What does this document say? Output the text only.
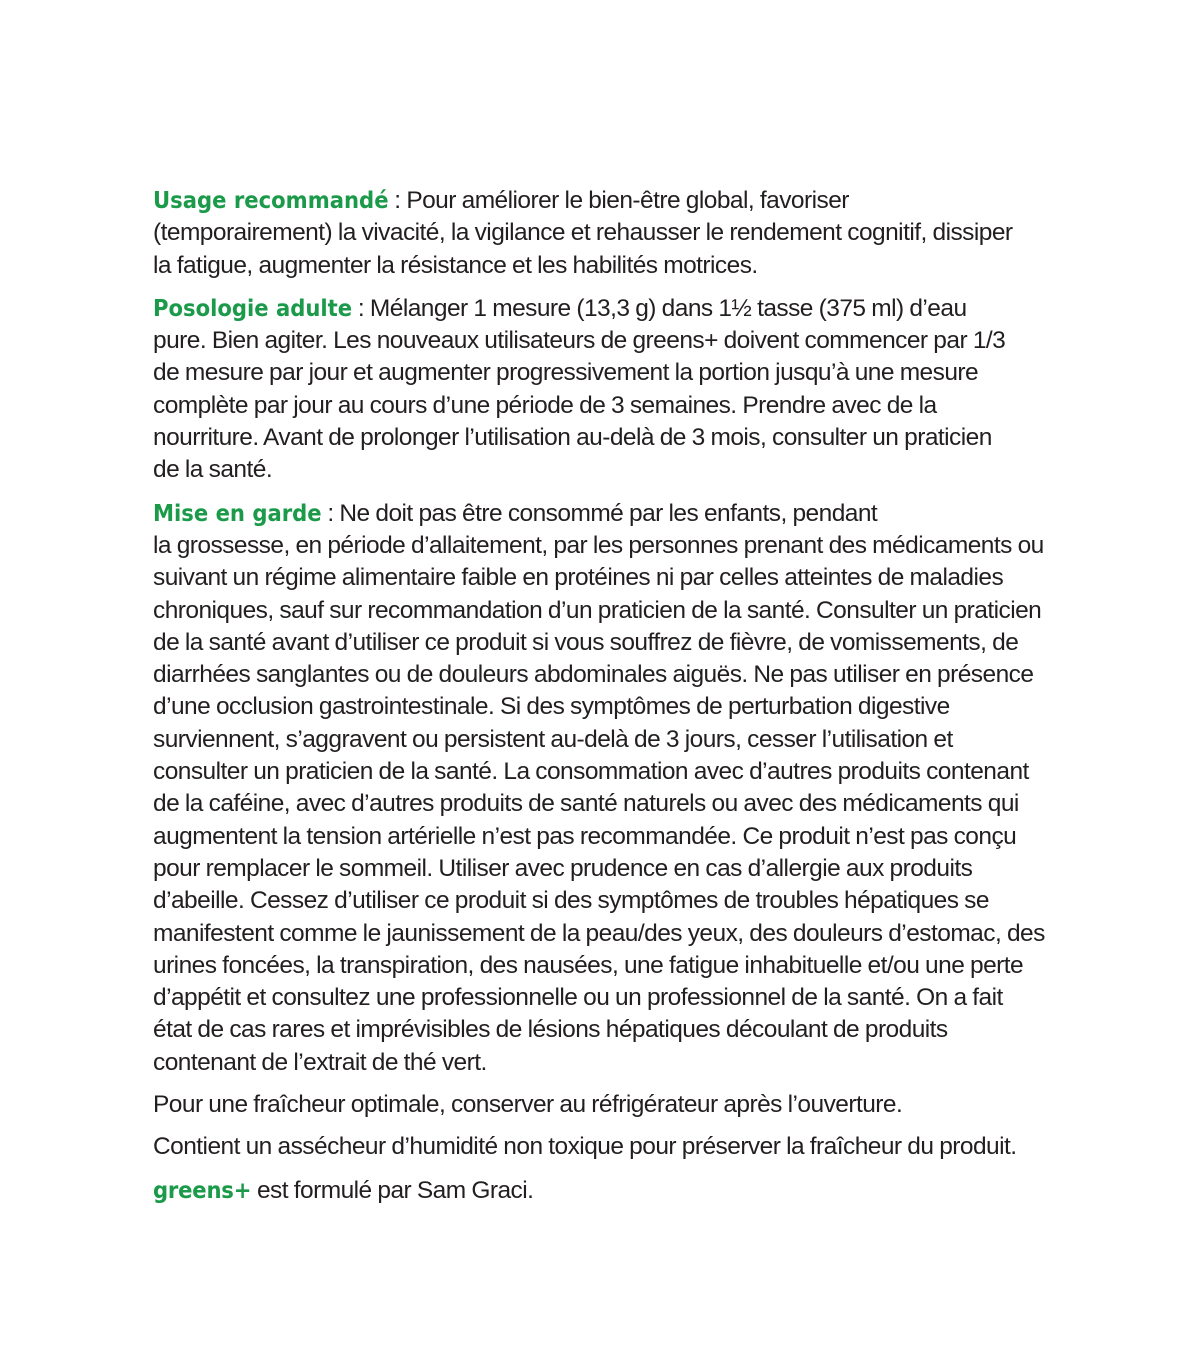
Usage recommandé : Pour améliorer le bien-être global, favoriser
(temporairement) la vivacité, la vigilance et rehausser le rendement cognitif, dissiper
la fatigue, augmenter la résistance et les habilités motrices.

Posologie adulte : Mélanger 1 mesure (13,3 g) dans 1½ tasse (375 ml) d’eau
pure. Bien agiter. Les nouveaux utilisateurs de greens+ doivent commencer par 1/3
de mesure par jour et augmenter progressivement la portion jusqu’à une mesure
complète par jour au cours d’une période de 3 semaines. Prendre avec de la
nourriture. Avant de prolonger l’utilisation au-delà de 3 mois, consulter un praticien
de la santé.

Mise en garde : Ne doit pas être consommé par les enfants, pendant
la grossesse, en période d’allaitement, par les personnes prenant des médicaments ou
suivant un régime alimentaire faible en protéines ni par celles atteintes de maladies
chroniques, sauf sur recommandation d’un praticien de la santé. Consulter un praticien
de la santé avant d’utiliser ce produit si vous souffrez de fièvre, de vomissements, de
diarrhées sanglantes ou de douleurs abdominales aiguës. Ne pas utiliser en présence
d’une occlusion gastrointestinale. Si des symptômes de perturbation digestive
surviennent, s’aggravent ou persistent au-delà de 3 jours, cesser l’utilisation et
consulter un praticien de la santé. La consommation avec d’autres produits contenant
de la caféine, avec d’autres produits de santé naturels ou avec des médicaments qui
augmentent la tension artérielle n’est pas recommandée. Ce produit n’est pas conçu
pour remplacer le sommeil. Utiliser avec prudence en cas d’allergie aux produits
d’abeille. Cessez d’utiliser ce produit si des symptômes de troubles hépatiques se
manifestent comme le jaunissement de la peau/des yeux, des douleurs d’estomac, des
urines foncées, la transpiration, des nausées, une fatigue inhabituelle et/ou une perte
d’appétit et consultez une professionnelle ou un professionnel de la santé. On a fait
état de cas rares et imprévisibles de lésions hépatiques découlant de produits
contenant de l’extrait de thé vert.

Pour une fraîcheur optimale, conserver au réfrigérateur après l’ouverture.

Contient un assécheur d’humidité non toxique pour préserver la fraîcheur du produit.

greens+ est formulé par Sam Graci.
